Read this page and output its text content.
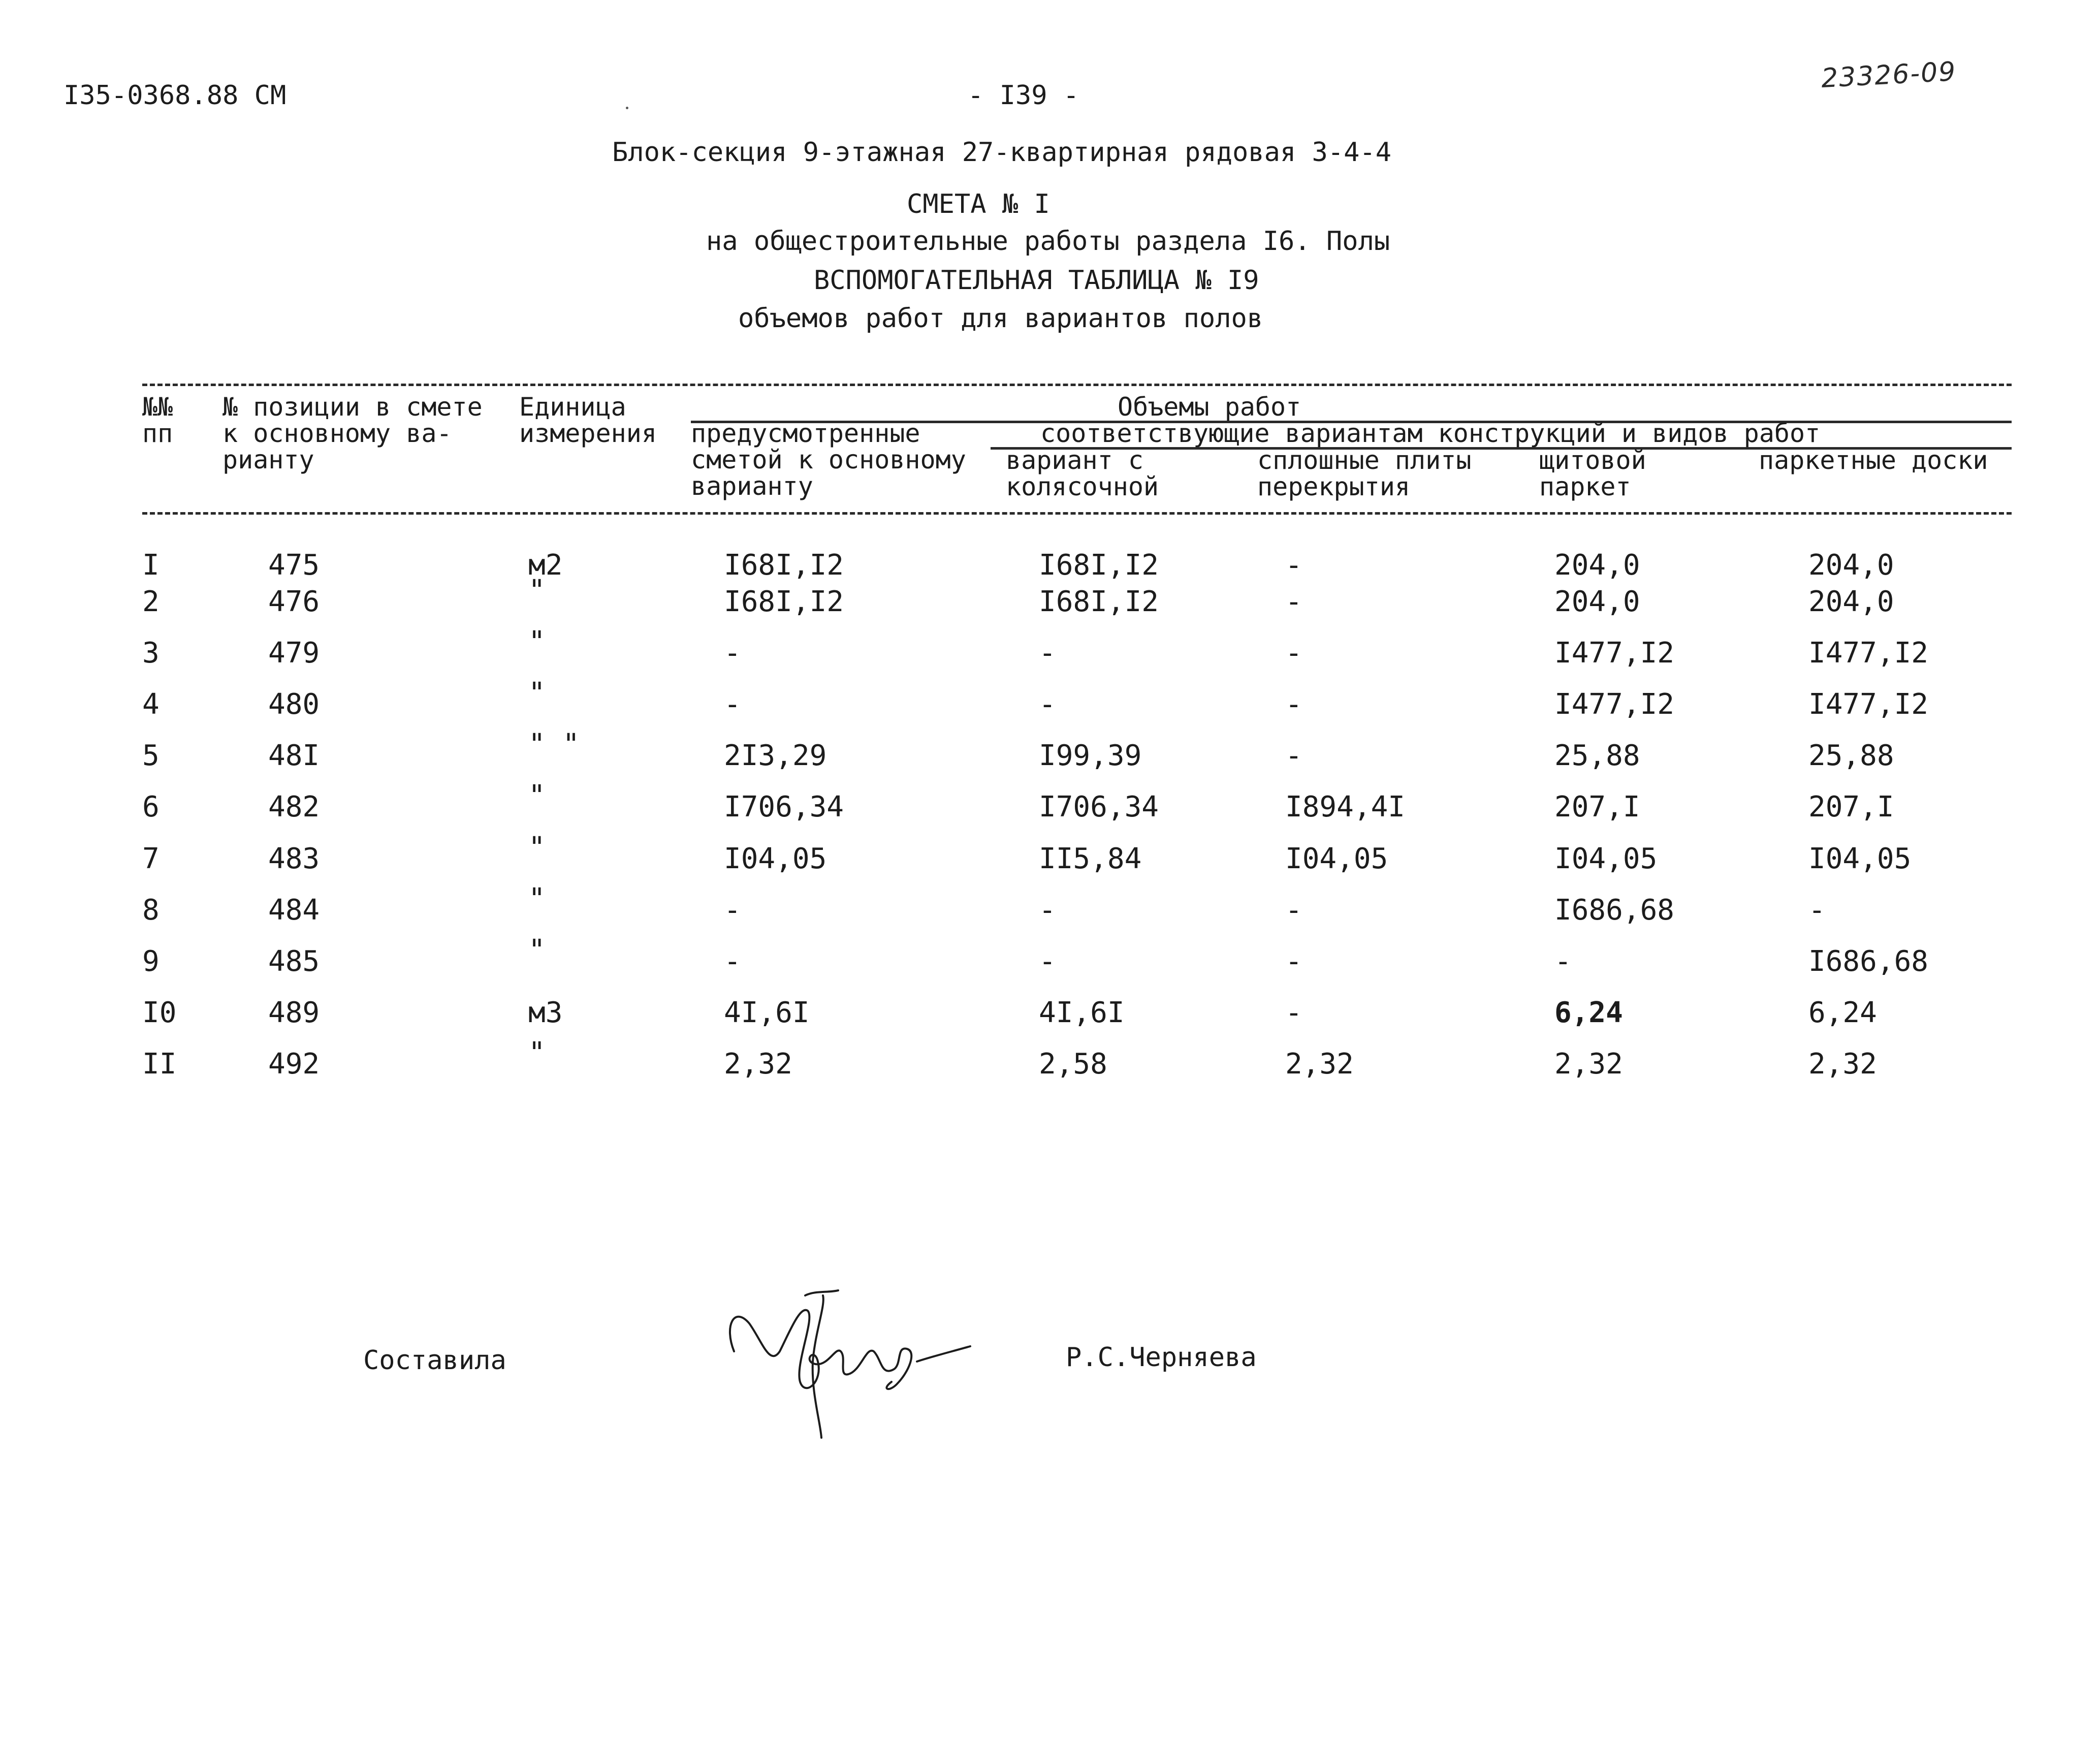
I35-0368.88 СМ	- I39 -
23326-09
Блок-секция 9-этажная 27-квартирная рядовая 3-4-4
СМЕТА № I
на общестроительные работы раздела I6. Полы
ВСПОМОГАТЕЛЬНАЯ ТАБЛИЦА № I9
объемов работ для вариантов полов
№№
пп
№ позиции в смете
к основному ва-
рианту
Единица
измерения
Объемы работ
предусмотренные
сметой к основному
варианту
соответствующие вариантам конструкций и видов работ
вариант с
колясочной
сплошные плиты
перекрытия
щитовой
паркет
паркетные доски
I	475	м2	I68I,I2	I68I,I2	-	204,0	204,0
2	476	"	I68I,I2	I68I,I2	-	204,0	204,0
3	479	"	-	-	-	I477,I2	I477,I2
4	480	"	-	-	-	I477,I2	I477,I2
5	48I	" "	2I3,29	I99,39	-	25,88	25,88
6	482	"	I706,34	I706,34	I894,4I	207,I	207,I
7	483	"	I04,05	II5,84	I04,05	I04,05	I04,05
8	484	"	-	-	-	I686,68	-
9	485	"	-	-	-	-	I686,68
I0	489	м3	4I,6I	4I,6I	-	6,24	6,24
II	492	"	2,32	2,58	2,32	2,32	2,32
Составила	Р.С.Черняева
